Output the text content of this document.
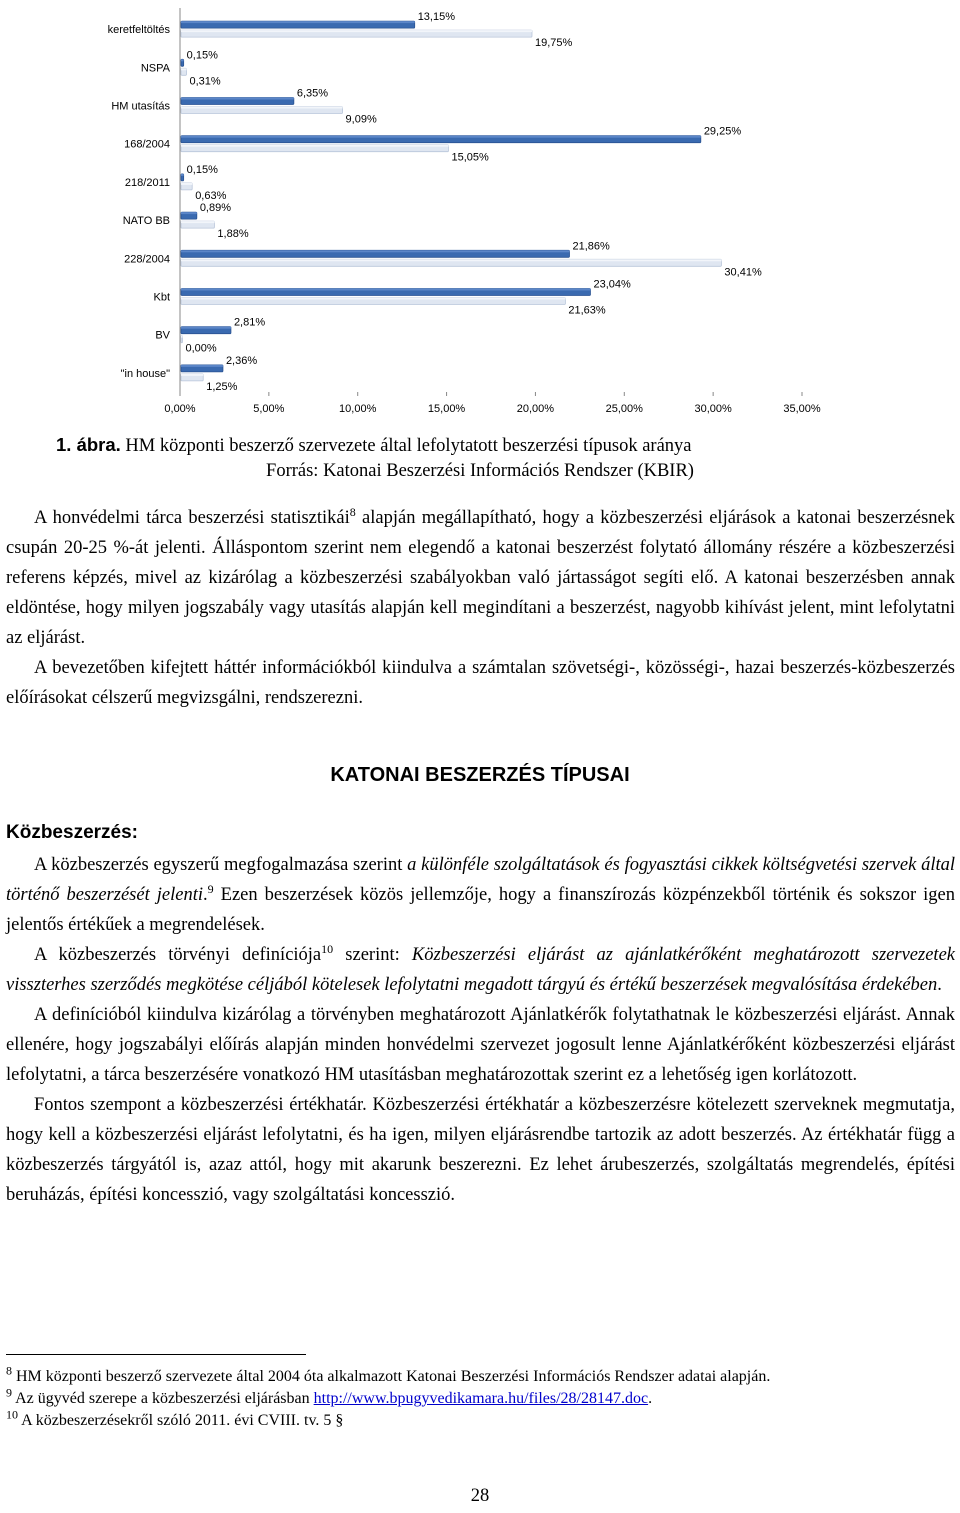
keretfeltöltés
NSPA
HM utasítás
168/2004
218/2011
NATO BB
228/2004
Kbt
BV
"in house"
13,15%
19,75%
0,15%
0,31%
6,35%
9,09%
29,25%
15,05%
0,15%
0,63%
0,89%
1,88%
21,86%
30,41%
23,04%
21,63%
2,81%
0,00%
2,36%
1,25%
0,00%	5,00%	10,00%	15,00%	20,00%	25,00%	30,00%	35,00%
1. ábra. HM központi beszerző szervezete által lefolytatott beszerzési típusok aránya
Forrás: Katonai Beszerzési Információs Rendszer (KBIR)

A honvédelmi tárca beszerzési statisztikái$^8$ alapján megállapítható, hogy a közbeszerzési eljárások a katonai beszerzésnek csupán 20-25 %-át jelenti. Álláspontom szerint nem elegendő a katonai beszerzést folytató állomány részére a közbeszerzési referens képzés, mivel az kizárólag a közbeszerzési szabályokban való jártasságot segíti elő. A katonai beszerzésben annak eldöntése, hogy milyen jogszabály vagy utasítás alapján kell megindítani a beszerzést, nagyobb kihívást jelent, mint lefolytatni az eljárást.

A bevezetőben kifejtett háttér információkból kiindulva a számtalan szövetségi-, közösségi-, hazai beszerzés-közbeszerzés előírásokat célszerű megvizsgálni, rendszerezni.

KATONAI BESZERZÉS TÍPUSAI
Közbeszerzés:

A közbeszerzés egyszerű megfogalmazása szerint a különféle szolgáltatások és fogyasztási cikkek költségvetési szervek által történő beszerzését jelenti.$^9$ Ezen beszerzések közös jellemzője, hogy a finanszírozás közpénzekből történik és sokszor igen jelentős értékűek a megrendelések.

A közbeszerzés törvényi definíciója$^{10}$ szerint: Közbeszerzési eljárást az ajánlatkérőként meghatározott szervezetek visszterhes szerződés megkötése céljából kötelesek lefolytatni megadott tárgyú és értékű beszerzések megvalósítása érdekében.

A definícióból kiindulva kizárólag a törvényben meghatározott Ajánlatkérők folytathatnak le közbeszerzési eljárást. Annak ellenére, hogy jogszabályi előírás alapján minden honvédelmi szervezet jogosult lenne Ajánlatkérőként közbeszerzési eljárást lefolytatni, a tárca beszerzésére vonatkozó HM utasításban meghatározottak szerint ez a lehetőség igen korlátozott.

Fontos szempont a közbeszerzési értékhatár. Közbeszerzési értékhatár a közbeszerzésre kötelezett szerveknek megmutatja, hogy kell a közbeszerzési eljárást lefolytatni, és ha igen, milyen eljárásrendbe tartozik az adott beszerzés. Az értékhatár függ a közbeszerzés tárgyától is, azaz attól, hogy mit akarunk beszerezni. Ez lehet árubeszerzés, szolgáltatás megrendelés, építési beruházás, építési koncesszió, vagy szolgáltatási koncesszió.

$^8$ HM központi beszerző szervezete által 2004 óta alkalmazott Katonai Beszerzési Információs Rendszer adatai alapján.

$^9$ Az ügyvéd szerepe a közbeszerzési eljárásban http://www.bpugyvedikamara.hu/files/28/28147.doc.

$^{10}$ A közbeszerzésekről szóló 2011. évi CVIII. tv. 5 §

28
